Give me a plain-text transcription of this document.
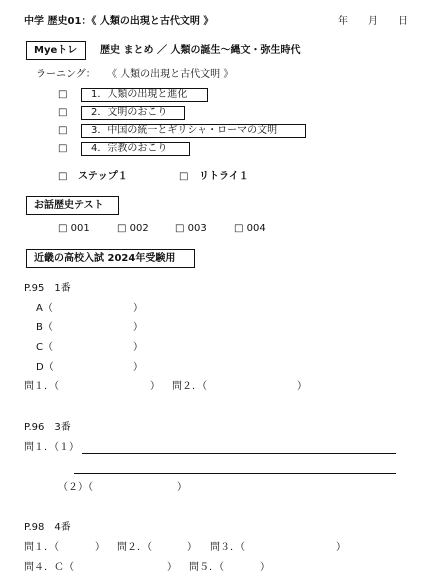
中学 歴史01：《 人類の出現と古代文明 》	年 月 日
Myeトレ 歴史 まとめ ／ 人類の誕生～縄文・弥生時代
ラーニング： 《 人類の出現と古代文明 》
□	1．人類の出現と進化
□	2．文明のおこり
□	3．中国の統一とギリシャ・ローマの文明
□	4．宗教のおこり
□ ステップ１	□ リトライ１
お話歴史テスト
□ 001	□ 002	□ 003	□ 004
近畿の高校入試 2024年受験用
P.95　1番
A（	）
B（	）
C（	）
D（	）
問１．（	） 問２．（	）
P.96　3番
問１．（１）
（２）（	）
P.98　4番
問１．（	） 問２．（	） 問３．（	）
問４．Ｃ（	） 問５．（	）
